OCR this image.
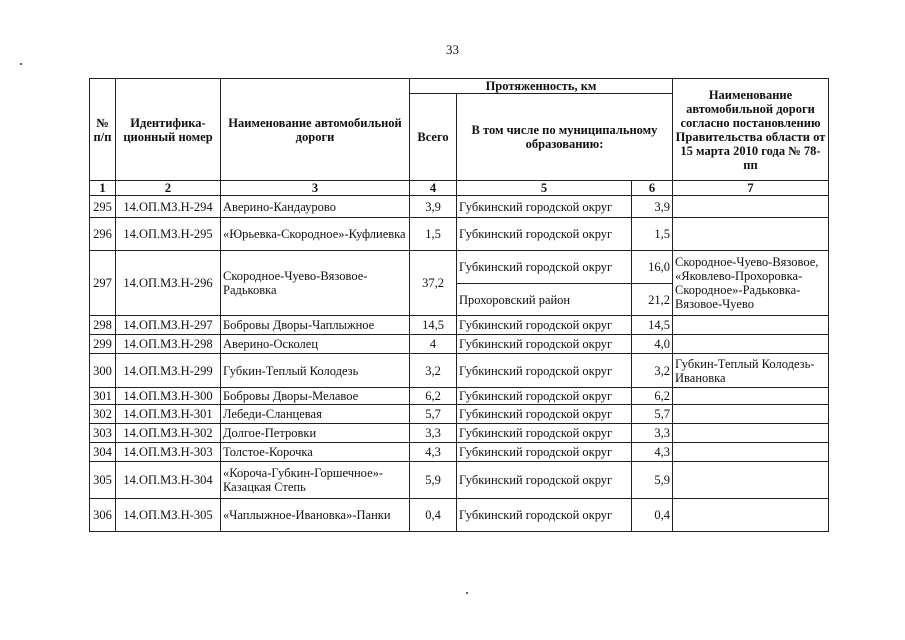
33
№ п/п	Идентифика-ционный номер	Наименование автомобильной дороги	Протяженность, км			Наименование автомобильной дороги согласно постановлению Правительства области от 15 марта 2010 года № 78-пп
			Всего	В том числе по муниципальному образованию:		
1	2	3	4	5	6	7
295	14.ОП.МЗ.Н-294	Аверино-Кандаурово	3,9	Губкинский городской округ	3,9	
296	14.ОП.МЗ.Н-295	«Юрьевка-Скородное»-Куфлиевка	1,5	Губкинский городской округ	1,5	
297	14.ОП.МЗ.Н-296	Скородное-Чуево-Вязовое-Радьковка	37,2	Губкинский городской округ	16,0	Скородное-Чуево-Вязовое, «Яковлево-Прохоровка-Скородное»-Радьковка-Вязовое-Чуево
				Прохоровский район	21,2	
298	14.ОП.МЗ.Н-297	Бобровы Дворы-Чаплыжное	14,5	Губкинский городской округ	14,5	
299	14.ОП.МЗ.Н-298	Аверино-Осколец	4	Губкинский городской округ	4,0	
300	14.ОП.МЗ.Н-299	Губкин-Теплый Колодезь	3,2	Губкинский городской округ	3,2	Губкин-Теплый Колодезь-Ивановка
301	14.ОП.МЗ.Н-300	Бобровы Дворы-Мелавое	6,2	Губкинский городской округ	6,2	
302	14.ОП.МЗ.Н-301	Лебеди-Сланцевая	5,7	Губкинский городской округ	5,7	
303	14.ОП.МЗ.Н-302	Долгое-Петровки	3,3	Губкинский городской округ	3,3	
304	14.ОП.МЗ.Н-303	Толстое-Корочка	4,3	Губкинский городской округ	4,3	
305	14.ОП.МЗ.Н-304	«Короча-Губкин-Горшечное»-Казацкая Степь	5,9	Губкинский городской округ	5,9	
306	14.ОП.МЗ.Н-305	«Чаплыжное-Ивановка»-Панки	0,4	Губкинский городской округ	0,4	
